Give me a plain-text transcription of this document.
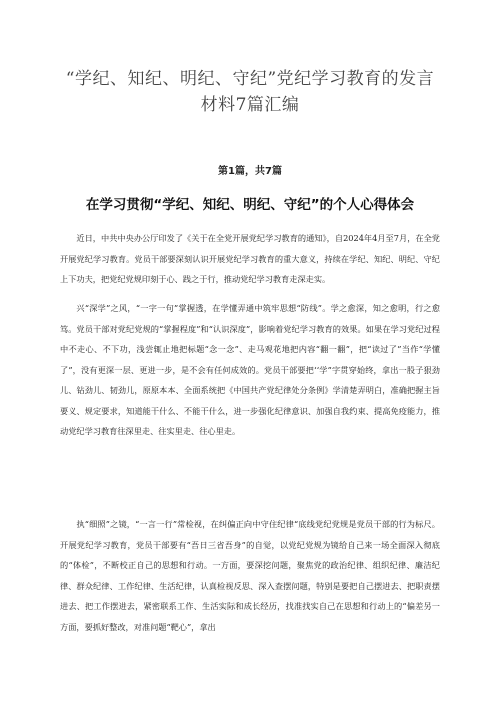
“学纪、知纪、明纪、守纪”党纪学习教育的发言
材料7篇汇编
第1篇，共7篇
在学习贯彻“学纪、知纪、明纪、守纪”的个人心得体会

近日，中共中央办公厅印发了《关于在全党开展党纪学习教育的通知》，自2024年4月至7月，在全党开展党纪学习教育。党员干部要深刻认识开展党纪学习教育的重大意义，持续在学纪、知纪、明纪、守纪上下功夫，把党纪党规印刻于心、践之于行，推动党纪学习教育走深走实。

兴“深学”之风，“一字一句”掌握透，在学懂弄通中筑牢思想“防线”。学之愈深，知之愈明，行之愈笃。党员干部对党纪党规的“掌握程度”和“认识深度”，影响着党纪学习教育的效果。如果在学习党纪过程中不走心、不下功，浅尝辄止地把标题“念一念”、走马观花地把内容“翻一翻”，把“读过了”当作“学懂了”，没有更深一层、更进一步，是不会有任何成效的。党员干部要把‘‘学”字贯穿始终，拿出一股子狠劲儿、钻劲儿、韧劲儿，原原本本、全面系统把《中国共产党纪律处分条例》学清楚弄明白，准确把握主旨要义、规定要求，知道能干什么、不能干什么，进一步强化纪律意识、加强自我约束、提高免疫能力，推动党纪学习教育往深里走、往实里走、往心里走。

执“细照”之镜，“一言一行”常检视，在纠偏正向中守住纪律“底线党纪党规是党员干部的行为标尺。开展党纪学习教育，党员干部要有“吾日三省吾身”的自觉，以党纪党规为镜给自己来一场全面深入彻底的“体检”，不断校正自己的思想和行动。一方面，要深挖问题，聚焦党的政治纪律、组织纪律、廉洁纪律、群众纪律、工作纪律、生活纪律，认真检视反思、深入查摆问题，特别是要把自己摆进去、把职责摆进去、把工作摆进去，紧密联系工作、生活实际和成长经历，找准找实自己在思想和行动上的“偏差另一方面，要抓好整改，对准问题“靶心”，拿出
